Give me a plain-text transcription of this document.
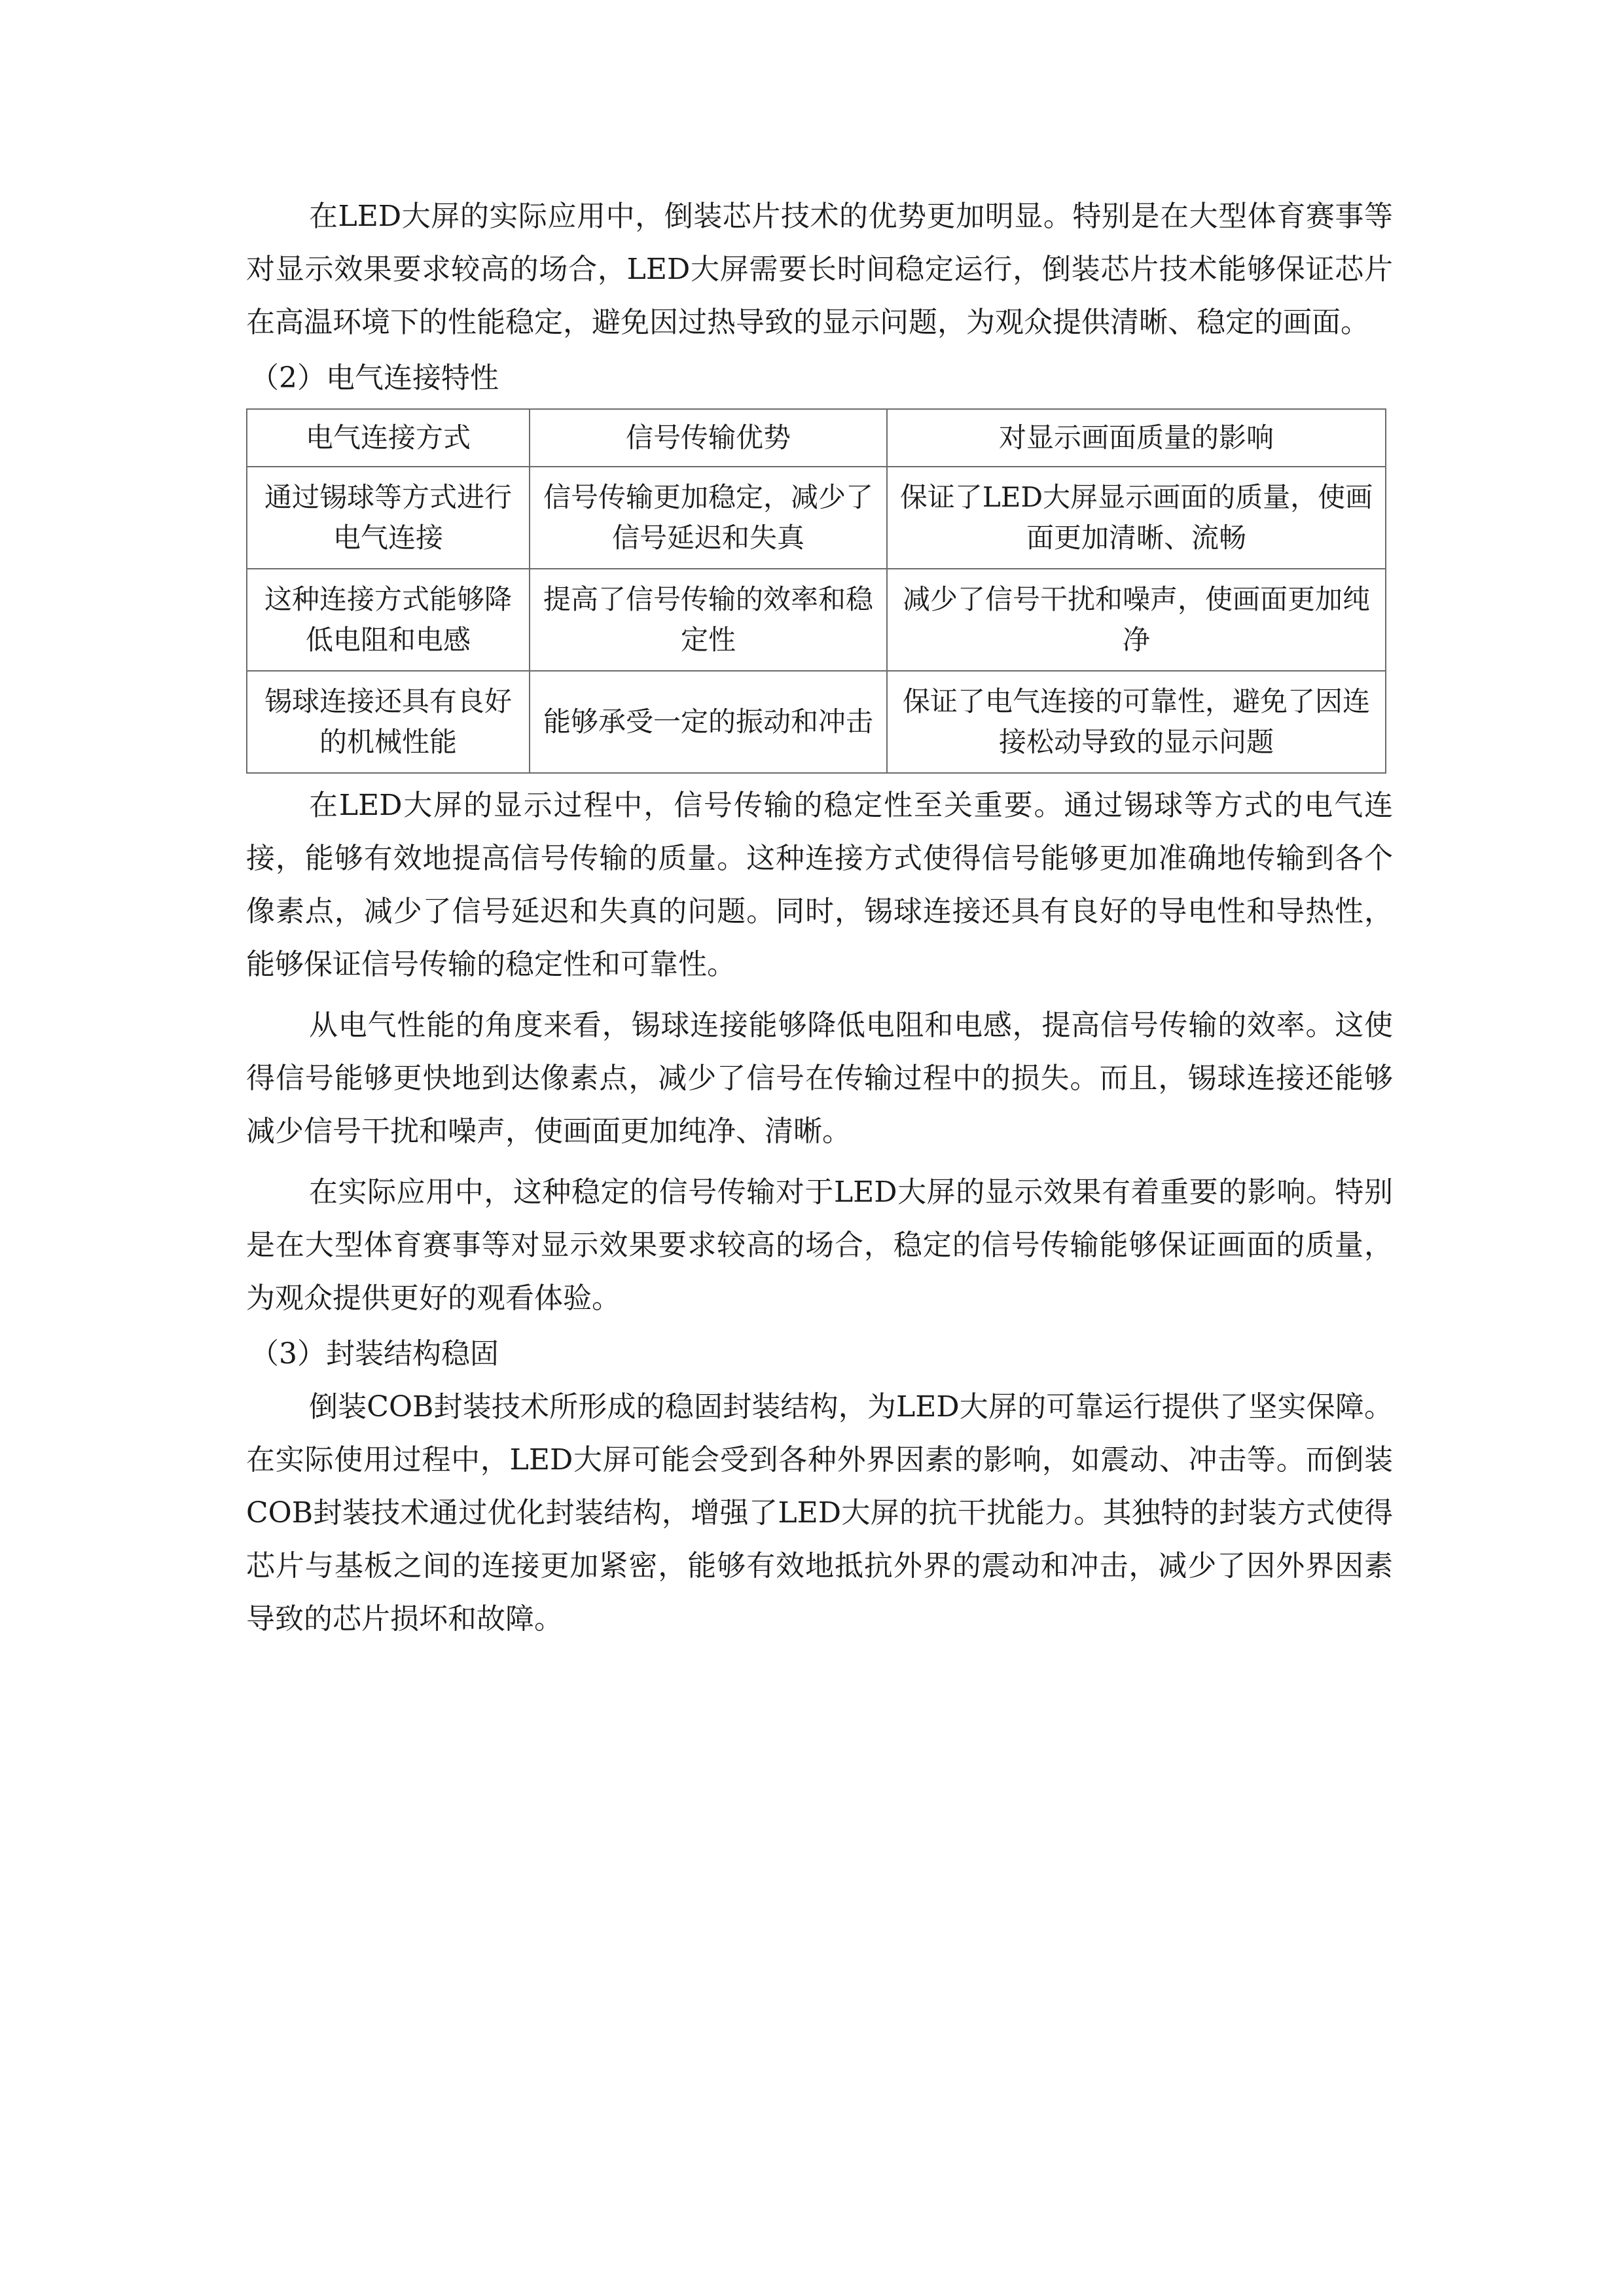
在LED大屏的实际应用中，倒装芯片技术的优势更加明显。特别是在大型体育赛事等对显示效果要求较高的场合，LED大屏需要长时间稳定运行，倒装芯片技术能够保证芯片在高温环境下的性能稳定，避免因过热导致的显示问题，为观众提供清晰、稳定的画面。

（2）电气连接特性
电气连接方式	信号传输优势	对显示画面质量的影响
通过锡球等方式进行电气连接	信号传输更加稳定，减少了信号延迟和失真	保证了LED大屏显示画面的质量，使画面更加清晰、流畅
这种连接方式能够降低电阻和电感	提高了信号传输的效率和稳定性	减少了信号干扰和噪声，使画面更加纯净
锡球连接还具有良好的机械性能	能够承受一定的振动和冲击	保证了电气连接的可靠性，避免了因连接松动导致的显示问题

在LED大屏的显示过程中，信号传输的稳定性至关重要。通过锡球等方式的电气连接，能够有效地提高信号传输的质量。这种连接方式使得信号能够更加准确地传输到各个像素点，减少了信号延迟和失真的问题。同时，锡球连接还具有良好的导电性和导热性，能够保证信号传输的稳定性和可靠性。

从电气性能的角度来看，锡球连接能够降低电阻和电感，提高信号传输的效率。这使得信号能够更快地到达像素点，减少了信号在传输过程中的损失。而且，锡球连接还能够减少信号干扰和噪声，使画面更加纯净、清晰。

在实际应用中，这种稳定的信号传输对于LED大屏的显示效果有着重要的影响。特别是在大型体育赛事等对显示效果要求较高的场合，稳定的信号传输能够保证画面的质量，为观众提供更好的观看体验。

（3）封装结构稳固

倒装COB封装技术所形成的稳固封装结构，为LED大屏的可靠运行提供了坚实保障。在实际使用过程中，LED大屏可能会受到各种外界因素的影响，如震动、冲击等。而倒装COB封装技术通过优化封装结构，增强了LED大屏的抗干扰能力。其独特的封装方式使得芯片与基板之间的连接更加紧密，能够有效地抵抗外界的震动和冲击，减少了因外界因素导致的芯片损坏和故障。
